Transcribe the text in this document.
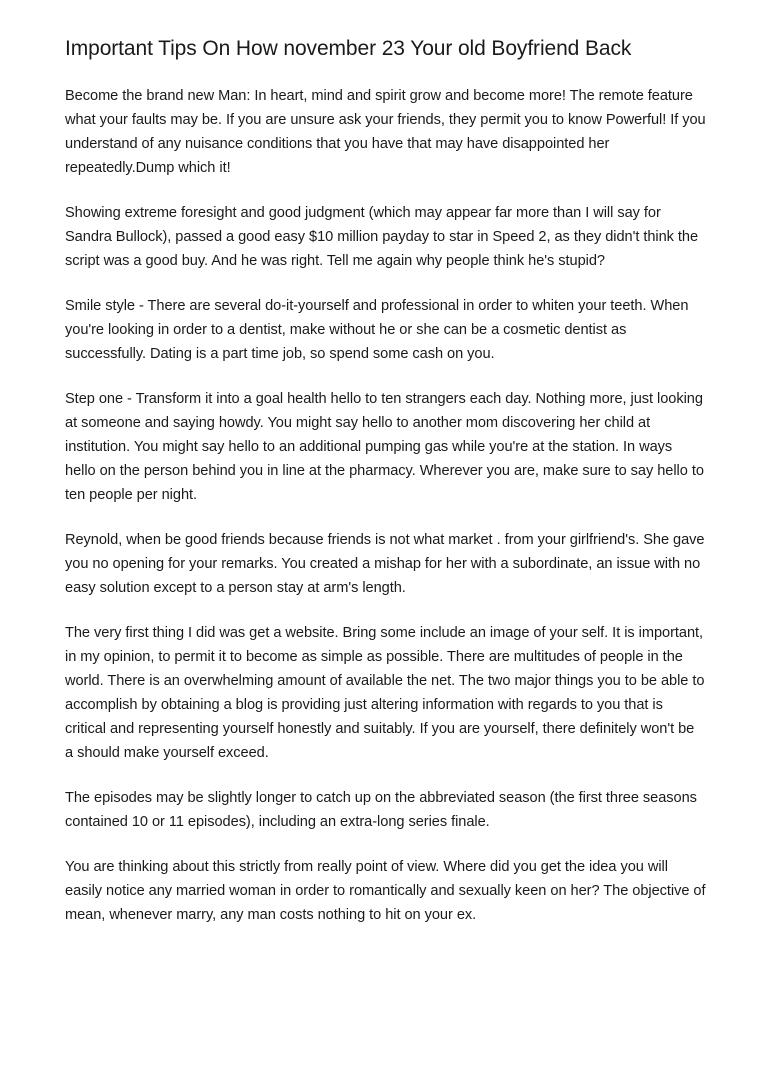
Important Tips On How november 23 Your old Boyfriend Back

Become the brand new Man: In heart, mind and spirit grow and become more! The remote feature what your faults may be. If you are unsure ask your friends, they permit you to know Powerful! If you understand of any nuisance conditions that you have that may have disappointed her repeatedly.Dump which it!

Showing extreme foresight and good judgment (which may appear far more than I will say for Sandra Bullock), passed a good easy $10 million payday to star in Speed 2, as they didn't think the script was a good buy. And he was right. Tell me again why people think he's stupid?

Smile style - There are several do-it-yourself and professional in order to whiten your teeth. When you're looking in order to a dentist, make without he or she can be a cosmetic dentist as successfully. Dating is a part time job, so spend some cash on you.

Step one - Transform it into a goal health hello to ten strangers each day. Nothing more, just looking at someone and saying howdy. You might say hello to another mom discovering her child at institution. You might say hello to an additional pumping gas while you're at the station. In ways hello on the person behind you in line at the pharmacy. Wherever you are, make sure to say hello to ten people per night.

Reynold, when be good friends because friends is not what market . from your girlfriend's. She gave you no opening for your remarks. You created a mishap for her with a subordinate, an issue with no easy solution except to a person stay at arm's length.

The very first thing I did was get a website. Bring some include an image of your self. It is important, in my opinion, to permit it to become as simple as possible. There are multitudes of people in the world. There is an overwhelming amount of available the net. The two major things you to be able to accomplish by obtaining a blog is providing just altering information with regards to you that is critical and representing yourself honestly and suitably. If you are yourself, there definitely won't be a should make yourself exceed.

The episodes may be slightly longer to catch up on the abbreviated season (the first three seasons contained 10 or 11 episodes), including an extra-long series finale.

You are thinking about this strictly from really point of view. Where did you get the idea you will easily notice any married woman in order to romantically and sexually keen on her? The objective of mean, whenever marry, any man costs nothing to hit on your ex.
